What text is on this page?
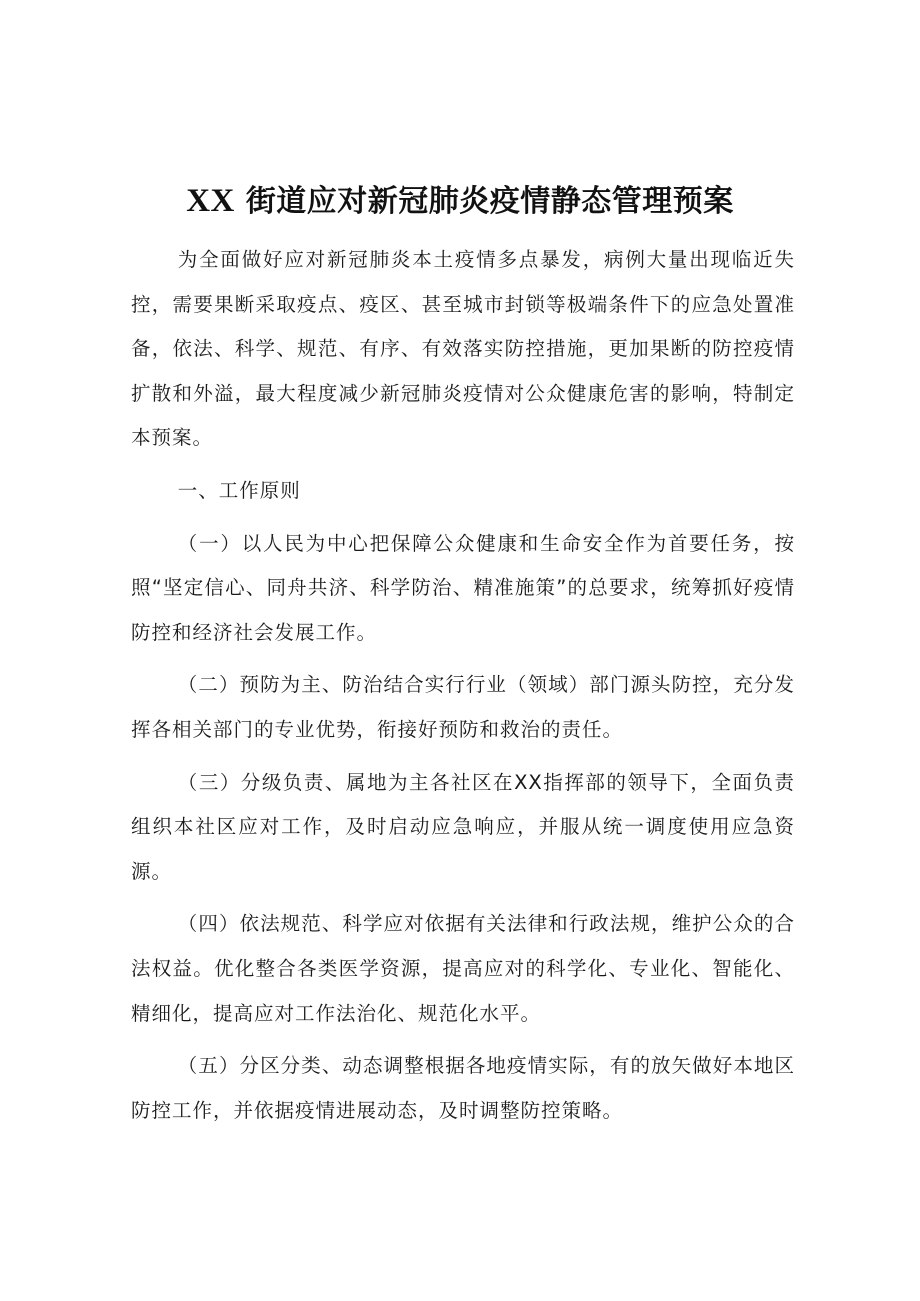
XX 街道应对新冠肺炎疫情静态管理预案

为全面做好应对新冠肺炎本土疫情多点暴发，病例大量出现临近失控，需要果断采取疫点、疫区、甚至城市封锁等极端条件下的应急处置准备，依法、科学、规范、有序、有效落实防控措施，更加果断的防控疫情扩散和外溢，最大程度减少新冠肺炎疫情对公众健康危害的影响，特制定本预案。

一、工作原则

（一）以人民为中心把保障公众健康和生命安全作为首要任务，按照“坚定信心、同舟共济、科学防治、精准施策”的总要求，统筹抓好疫情防控和经济社会发展工作。

（二）预防为主、防治结合实行行业（领域）部门源头防控，充分发挥各相关部门的专业优势，衔接好预防和救治的责任。

（三）分级负责、属地为主各社区在XX指挥部的领导下，全面负责组织本社区应对工作，及时启动应急响应，并服从统一调度使用应急资源。

（四）依法规范、科学应对依据有关法律和行政法规，维护公众的合法权益。优化整合各类医学资源，提高应对的科学化、专业化、智能化、精细化，提高应对工作法治化、规范化水平。

（五）分区分类、动态调整根据各地疫情实际，有的放矢做好本地区防控工作，并依据疫情进展动态，及时调整防控策略。
